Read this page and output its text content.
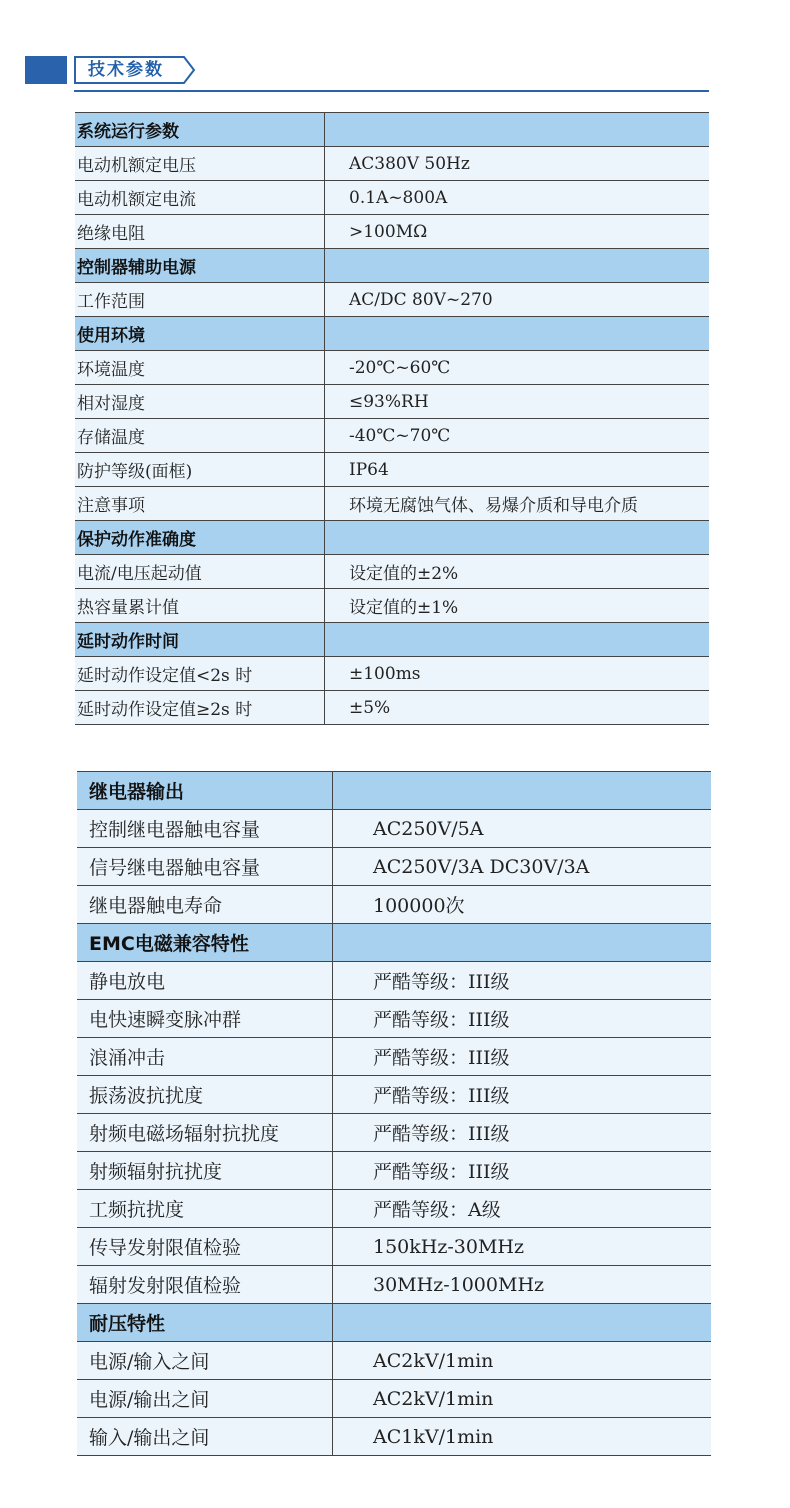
技术参数
系统运行参数	
电动机额定电压	AC380V 50Hz
电动机额定电流	0.1A~800A
绝缘电阻	>100MΩ
控制器辅助电源	
工作范围	AC/DC 80V~270
使用环境	
环境温度	-20℃~60℃
相对湿度	≤93%RH
存储温度	-40℃~70℃
防护等级(面框)	IP64
注意事项	环境无腐蚀气体、易爆介质和导电介质
保护动作准确度	
电流/电压起动值	设定值的±2%
热容量累计值	设定值的±1%
延时动作时间	
延时动作设定值<2s 时	±100ms
延时动作设定值≥2s 时	±5%
继电器输出	
控制继电器触电容量	AC250V/5A
信号继电器触电容量	AC250V/3A DC30V/3A
继电器触电寿命	100000次
EMC电磁兼容特性	
静电放电	严酷等级：III级
电快速瞬变脉冲群	严酷等级：III级
浪涌冲击	严酷等级：III级
振荡波抗扰度	严酷等级：III级
射频电磁场辐射抗扰度	严酷等级：III级
射频辐射抗扰度	严酷等级：III级
工频抗扰度	严酷等级：A级
传导发射限值检验	150kHz-30MHz
辐射发射限值检验	30MHz-1000MHz
耐压特性	
电源/输入之间	AC2kV/1min
电源/输出之间	AC2kV/1min
输入/输出之间	AC1kV/1min
